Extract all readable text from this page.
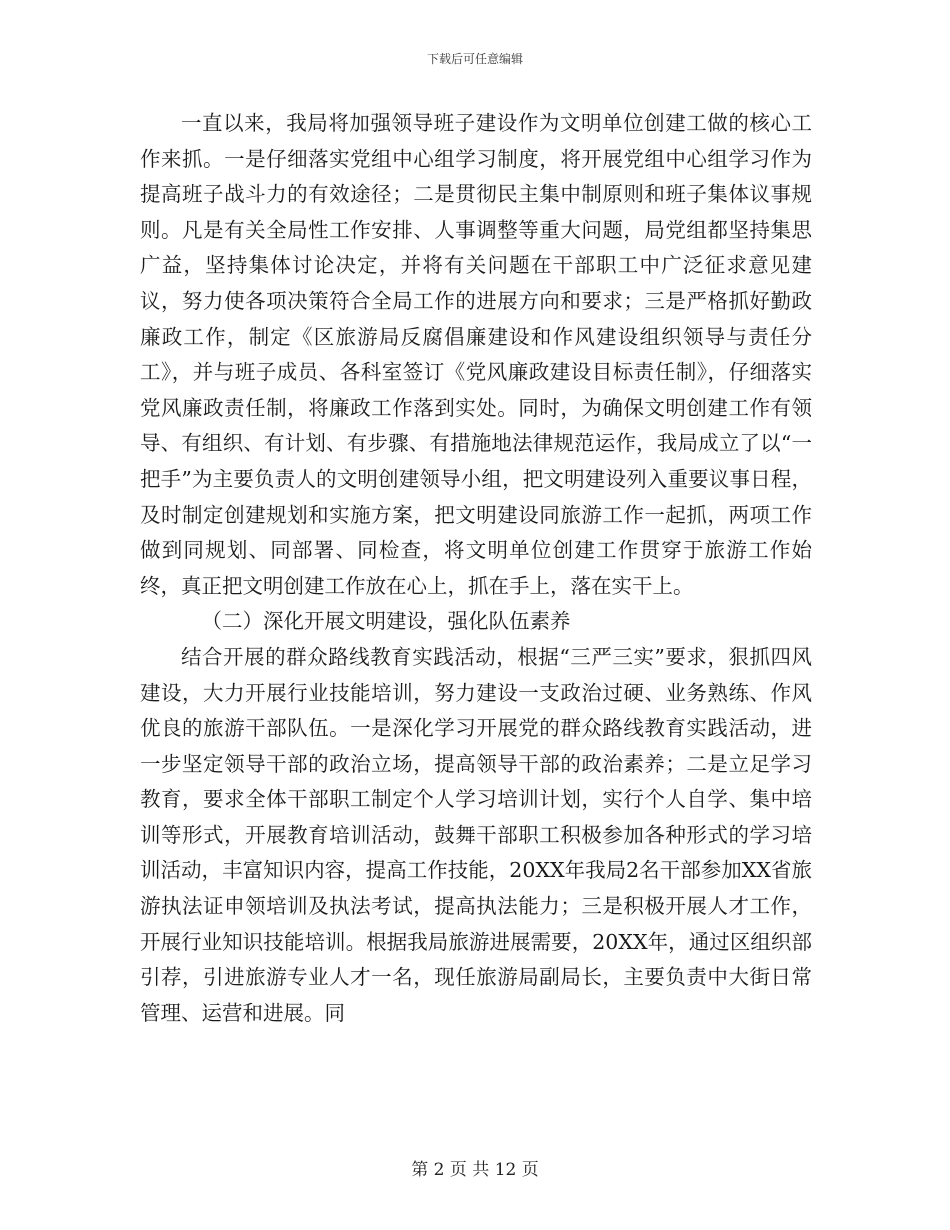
下载后可任意编辑

一直以来，我局将加强领导班子建设作为文明单位创建工做的核心工作来抓。一是仔细落实党组中心组学习制度，将开展党组中心组学习作为提高班子战斗力的有效途径；二是贯彻民主集中制原则和班子集体议事规则。凡是有关全局性工作安排、人事调整等重大问题，局党组都坚持集思广益，坚持集体讨论决定，并将有关问题在干部职工中广泛征求意见建议，努力使各项决策符合全局工作的进展方向和要求；三是严格抓好勤政廉政工作，制定《区旅游局反腐倡廉建设和作风建设组织领导与责任分工》，并与班子成员、各科室签订《党风廉政建设目标责任制》，仔细落实党风廉政责任制，将廉政工作落到实处。同时，为确保文明创建工作有领导、有组织、有计划、有步骤、有措施地法律规范运作，我局成立了以“一把手”为主要负责人的文明创建领导小组，把文明建设列入重要议事日程，及时制定创建规划和实施方案，把文明建设同旅游工作一起抓，两项工作做到同规划、同部署、同检查，将文明单位创建工作贯穿于旅游工作始终，真正把文明创建工作放在心上，抓在手上，落在实干上。

（二）深化开展文明建设，强化队伍素养

结合开展的群众路线教育实践活动，根据“三严三实”要求，狠抓四风建设，大力开展行业技能培训，努力建设一支政治过硬、业务熟练、作风优良的旅游干部队伍。一是深化学习开展党的群众路线教育实践活动，进一步坚定领导干部的政治立场，提高领导干部的政治素养；二是立足学习教育，要求全体干部职工制定个人学习培训计划，实行个人自学、集中培训等形式，开展教育培训活动，鼓舞干部职工积极参加各种形式的学习培训活动，丰富知识内容，提高工作技能，20XX年我局2名干部参加XX省旅游执法证申领培训及执法考试，提高执法能力；三是积极开展人才工作，开展行业知识技能培训。根据我局旅游进展需要，20XX年，通过区组织部引荐，引进旅游专业人才一名，现任旅游局副局长，主要负责中大街日常管理、运营和进展。同

第 2 页 共 12 页
